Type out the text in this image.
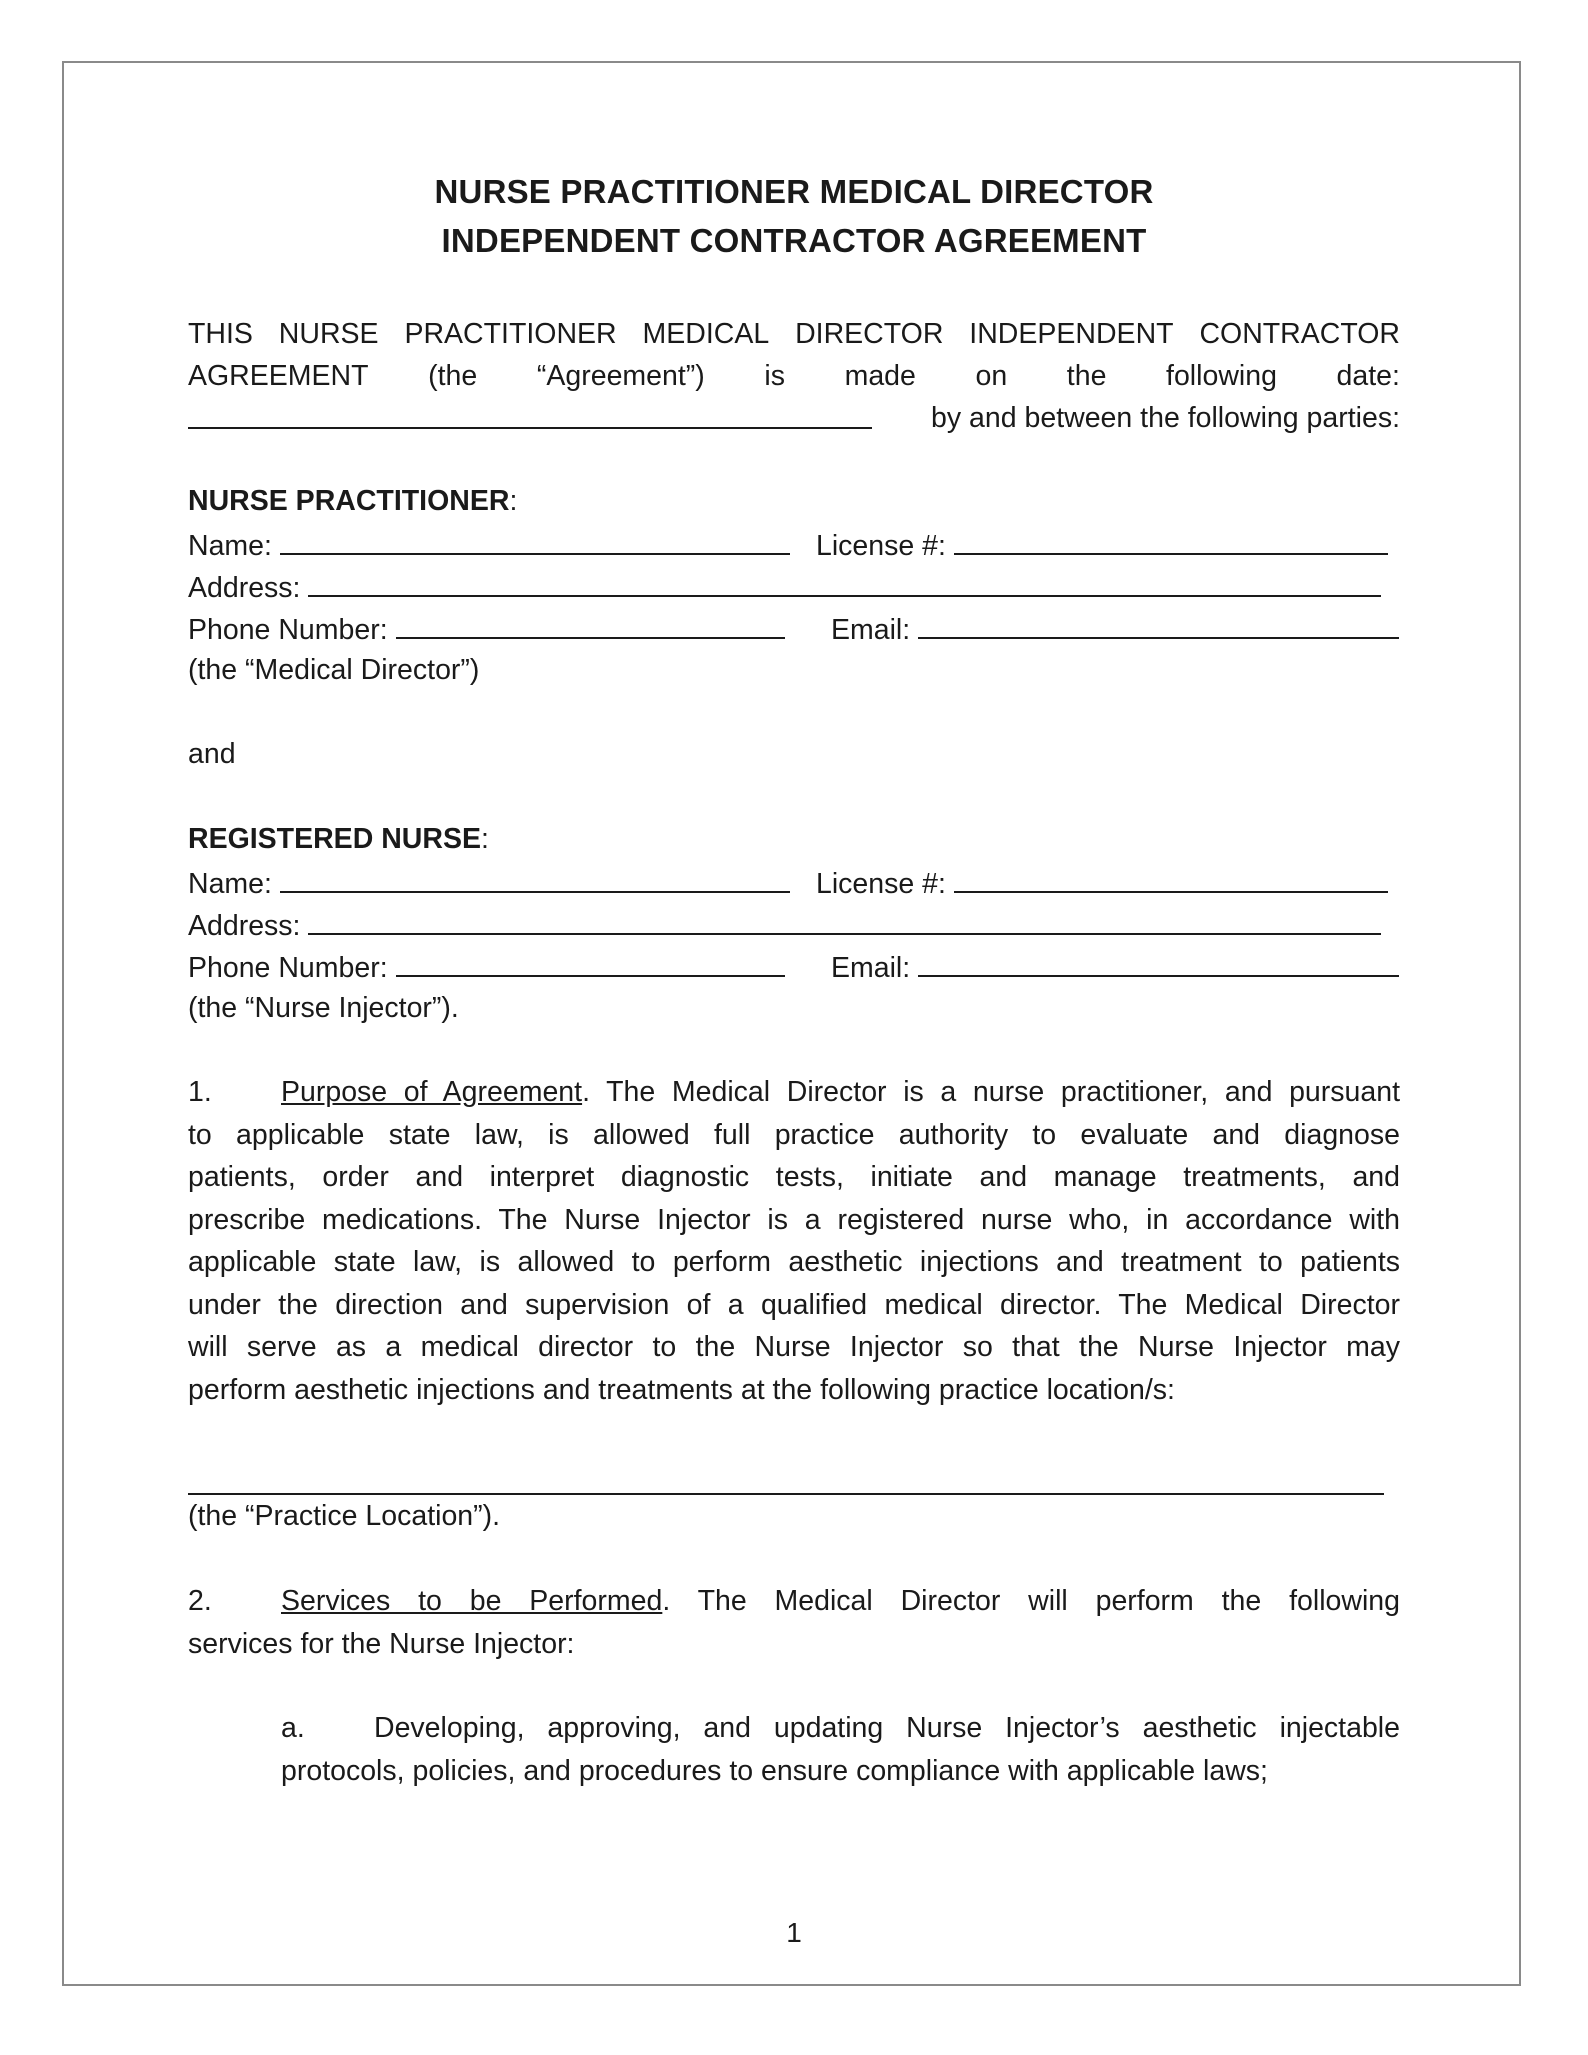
NURSE PRACTITIONER MEDICAL DIRECTOR
INDEPENDENT CONTRACTOR AGREEMENT
THIS NURSE PRACTITIONER MEDICAL DIRECTOR INDEPENDENT CONTRACTOR
AGREEMENT (the “Agreement”) is made on the following date:
by and between the following parties:
NURSE PRACTITIONER:
Name:	License #:
Address:
Phone Number:	Email:
(the “Medical Director”)
and
REGISTERED NURSE:
Name:	License #:
Address:
Phone Number:	Email:
(the “Nurse Injector”).
1. Purpose of Agreement. The Medical Director is a nurse practitioner, and pursuant
to applicable state law, is allowed full practice authority to evaluate and diagnose
patients, order and interpret diagnostic tests, initiate and manage treatments, and
prescribe medications. The Nurse Injector is a registered nurse who, in accordance with
applicable state law, is allowed to perform aesthetic injections and treatment to patients
under the direction and supervision of a qualified medical director. The Medical Director
will serve as a medical director to the Nurse Injector so that the Nurse Injector may
perform aesthetic injections and treatments at the following practice location/s:
(the “Practice Location”).
2. Services to be Performed. The Medical Director will perform the following
services for the Nurse Injector:
a. Developing, approving, and updating Nurse Injector’s aesthetic injectable
protocols, policies, and procedures to ensure compliance with applicable laws;
1
